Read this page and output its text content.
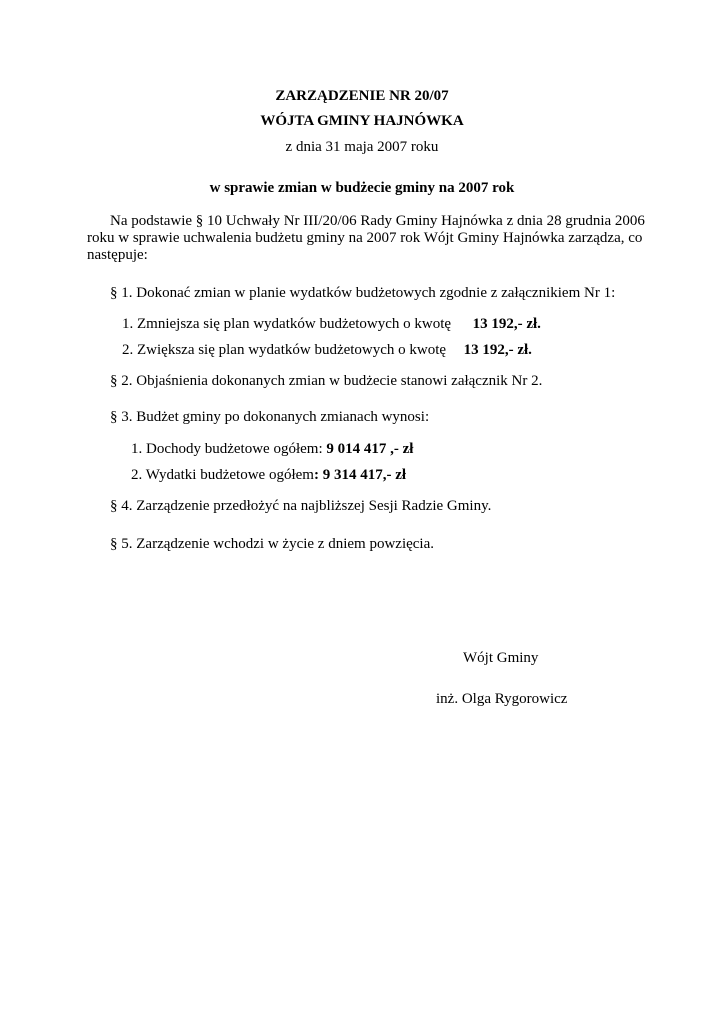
ZARZĄDZENIE NR 20/07
WÓJTA GMINY HAJNÓWKA
z dnia 31 maja 2007 roku
w sprawie zmian w budżecie gminy na 2007 rok
Na podstawie § 10 Uchwały Nr III/20/06 Rady Gminy Hajnówka z dnia 28 grudnia 2006
roku w sprawie uchwalenia budżetu gminy na 2007 rok Wójt Gminy Hajnówka zarządza, co
następuje:
§ 1. Dokonać zmian w planie wydatków budżetowych zgodnie z załącznikiem Nr 1:
1. Zmniejsza się plan wydatków budżetowych o kwotę 13 192,- zł.
2. Zwiększa się plan wydatków budżetowych o kwotę 13 192,- zł.
§ 2. Objaśnienia dokonanych zmian w budżecie stanowi załącznik Nr 2.
§ 3. Budżet gminy po dokonanych zmianach wynosi:
1. Dochody budżetowe ogółem: 9 014 417 ,- zł
2. Wydatki budżetowe ogółem: 9 314 417,- zł
§ 4. Zarządzenie przedłożyć na najbliższej Sesji Radzie Gminy.
§ 5. Zarządzenie wchodzi w życie z dniem powzięcia.
Wójt Gminy
inż. Olga Rygorowicz
